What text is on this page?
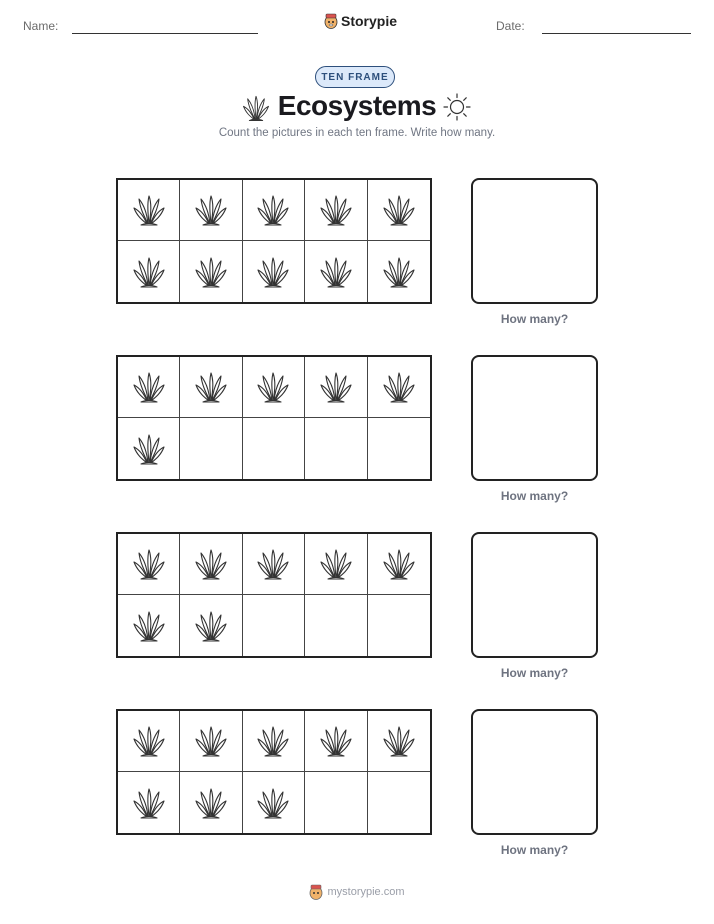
Name:	Storypie	Date:
TEN FRAME
Ecosystems
Count the pictures in each ten frame. Write how many.
How many?
How many?
How many?
How many?
mystorypie.com
